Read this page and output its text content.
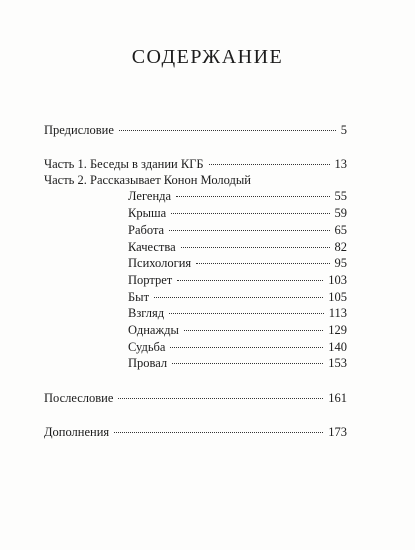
СОДЕРЖАНИЕ
Предисловие	5
Часть 1. Беседы в здании КГБ	13
Часть 2. Рассказывает Конон Молодый
Легенда	55
Крыша	59
Работа	65
Качества	82
Психология	95
Портрет	103
Быт	105
Взгляд	113
Однажды	129
Судьба	140
Провал	153
Послесловие	161
Дополнения	173
